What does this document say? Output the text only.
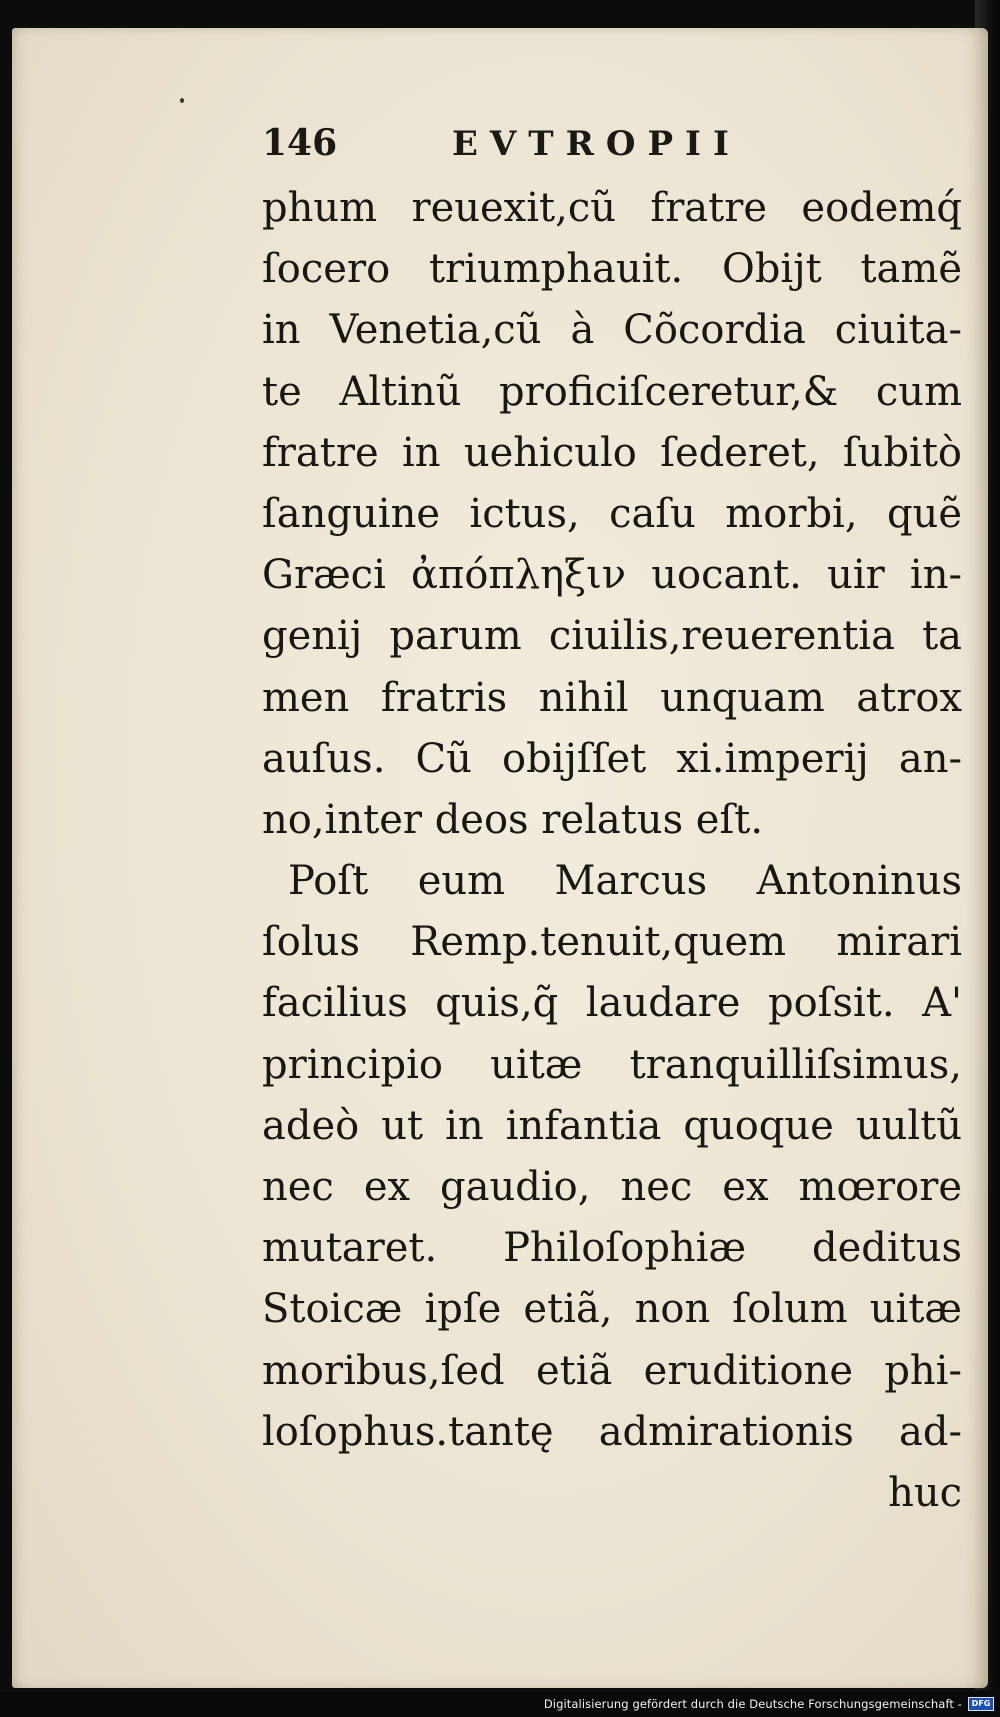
146	EVTROPII
phum reuexit,cũ fratre eodemq́
ſocero triumphauit. Obijt tamẽ
in Venetia,cũ à Cõcordia ciuita-
te Altinũ proficiſceretur,& cum
fratre in uehiculo ſederet, ſubitò
ſanguine ictus, caſu morbi, quẽ
Græci ἀπόπληξιν uocant. uir in-
genij parum ciuilis,reuerentia ta
men fratris nihil unquam atrox
auſus. Cũ obijſſet xi.imperij an-
no,inter deos relatus eſt.
Poſt eum Marcus Antoninus
ſolus Remp.tenuit,quem mirari
facilius quis,q̃ laudare poſsit. A'
principio uitæ tranquilliſsimus,
adeò ut in infantia quoque uultũ
nec ex gaudio, nec ex mœrore
mutaret. Philoſophiæ deditus
Stoicæ ipſe etiã, non ſolum uitæ
moribus,ſed etiã eruditione phi-
loſophus.tantę admirationis ad-
huc
Digitalisierung gefördert durch die Deutsche Forschungsgemeinschaft -	DFG
